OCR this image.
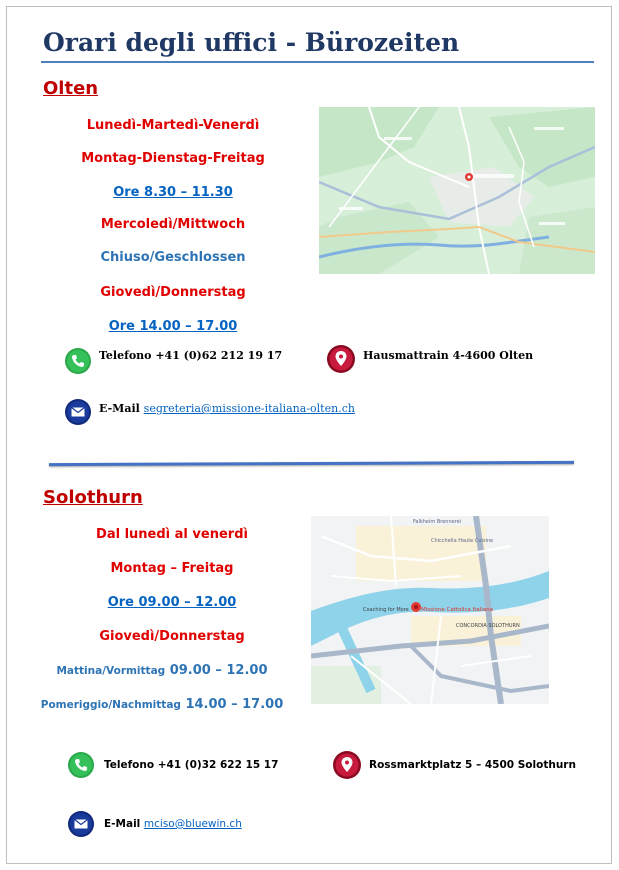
Orari degli uffici - Bürozeiten
Olten
Lunedì-Martedì-Venerdì
Montag-Dienstag-Freitag
Ore 8.30 – 11.30
Mercoledì/Mittwoch
Chiuso/Geschlossen
Giovedì/Donnerstag
Ore 14.00 – 17.00
Telefono +41 (0)62 212 19 17	Hausmattrain 4-4600 Olten
E-Mail segreteria@missione-italiana-olten.ch
Solothurn
Dal lunedì al venerdì
Montag – Freitag
Ore 09.00 – 12.00
Giovedì/Donnerstag
Mattina/Vormittag 09.00 – 12.00
Pomeriggio/Nachmittag 14.00 – 17.00
Missione Cattolica Italiana
Falkheim Brennerei
Chicchella Haute Cuisine
CONCORDIA SOLOTHURN
Coaching for More
Telefono +41 (0)32 622 15 17	Rossmarktplatz 5 – 4500 Solothurn
E-Mail mciso@bluewin.ch
